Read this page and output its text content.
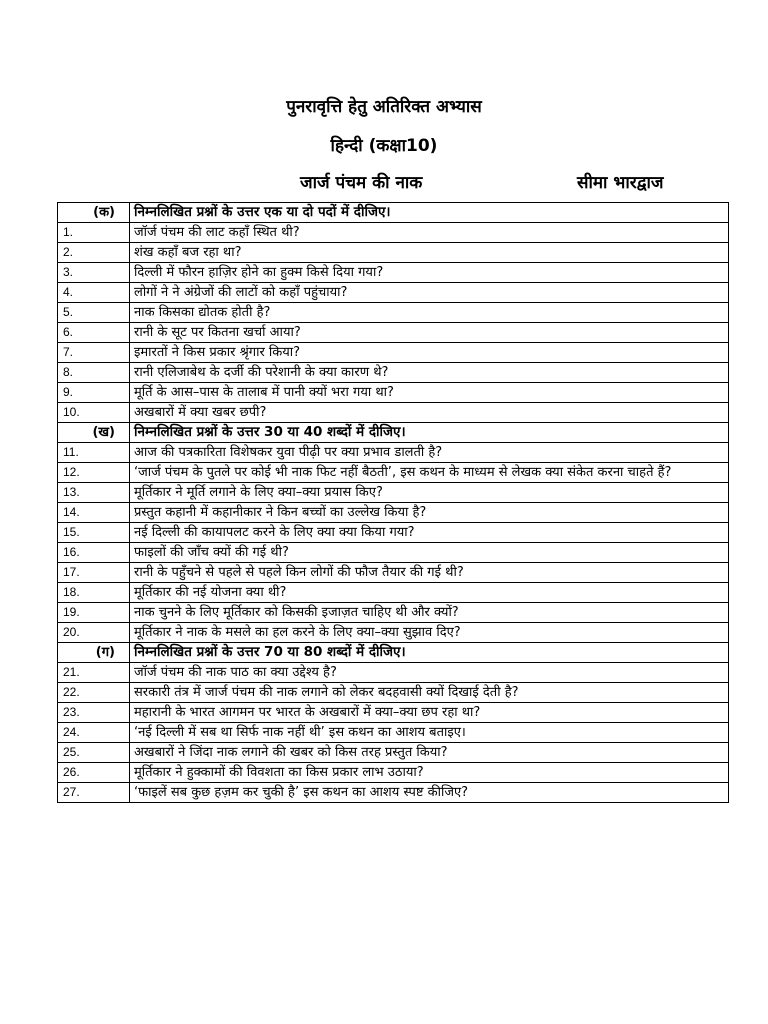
पुनरावृत्ति हेतु अतिरिक्त अभ्यास
हिन्दी (कक्षा10)
जार्ज पंचम की नाक	सीमा भारद्वाज
(क)	निम्नलिखित प्रश्नों के उत्तर एक या दो पदों में दीजिए।
1.	जॉर्ज पंचम की लाट कहाँ स्थित थी?
2.	शंख कहाँ बज रहा था?
3.	दिल्ली में फौरन हाज़िर होने का हुक्म किसे दिया गया?
4.	लोगों ने ने अंग्रेजों की लाटों को कहाँ पहुंचाया?
5.	नाक किसका द्योतक होती है?
6.	रानी के सूट पर कितना खर्चा आया?
7.	इमारतों ने किस प्रकार श्रृंगार किया?
8.	रानी एलिजाबेथ के दर्जी की परेशानी के क्या कारण थे?
9.	मूर्ति के आस–पास के तालाब में पानी क्यों भरा गया था?
10.	अखबारों में क्या खबर छपी?
(ख)	निम्नलिखित प्रश्नों के उत्तर 30 या 40 शब्दों में दीजिए।
11.	आज की पत्रकारिता विशेषकर युवा पीढ़ी पर क्या प्रभाव डालती है?
12.	‘जार्ज पंचम के पुतले पर कोई भी नाक फिट नहीं बैठती’, इस कथन के माध्यम से लेखक क्या संकेत करना चाहते हैं?
13.	मूर्तिकार ने मूर्ति लगाने के लिए क्या–क्या प्रयास किए?
14.	प्रस्तुत कहानी में कहानीकार ने किन बच्चों का उल्लेख किया है?
15.	नई दिल्ली की कायापलट करने के लिए क्या क्या किया गया?
16.	फाइलों की जाँच क्यों की गई थी?
17.	रानी के पहुँचने से पहले से पहले किन लोगों की फौज तैयार की गई थी?
18.	मूर्तिकार की नई योजना क्या थी?
19.	नाक चुनने के लिए मूर्तिकार को किसकी इजाज़त चाहिए थी और क्यों?
20.	मूर्तिकार ने नाक के मसले का हल करने के लिए क्या–क्या सुझाव दिए?
(ग)	निम्नलिखित प्रश्नों के उत्तर 70 या 80 शब्दों में दीजिए।
21.	जॉर्ज पंचम की नाक पाठ का क्या उद्देश्य है?
22.	सरकारी तंत्र में जार्ज पंचम की नाक लगाने को लेकर बदहवासी क्यों दिखाई देती है?
23.	महारानी के भारत आगमन पर भारत के अखबारों में क्या–क्या छप रहा था?
24.	‘नई दिल्ली में सब था सिर्फ नाक नहीं थी’ इस कथन का आशय बताइए।
25.	अखबारों ने जिंदा नाक लगाने की खबर को किस तरह प्रस्तुत किया?
26.	मूर्तिकार ने हुक्कामों की विवशता का किस प्रकार लाभ उठाया?
27.	‘फाइलें सब कुछ हज़म कर चुकी है’ इस कथन का आशय स्पष्ट कीजिए?
